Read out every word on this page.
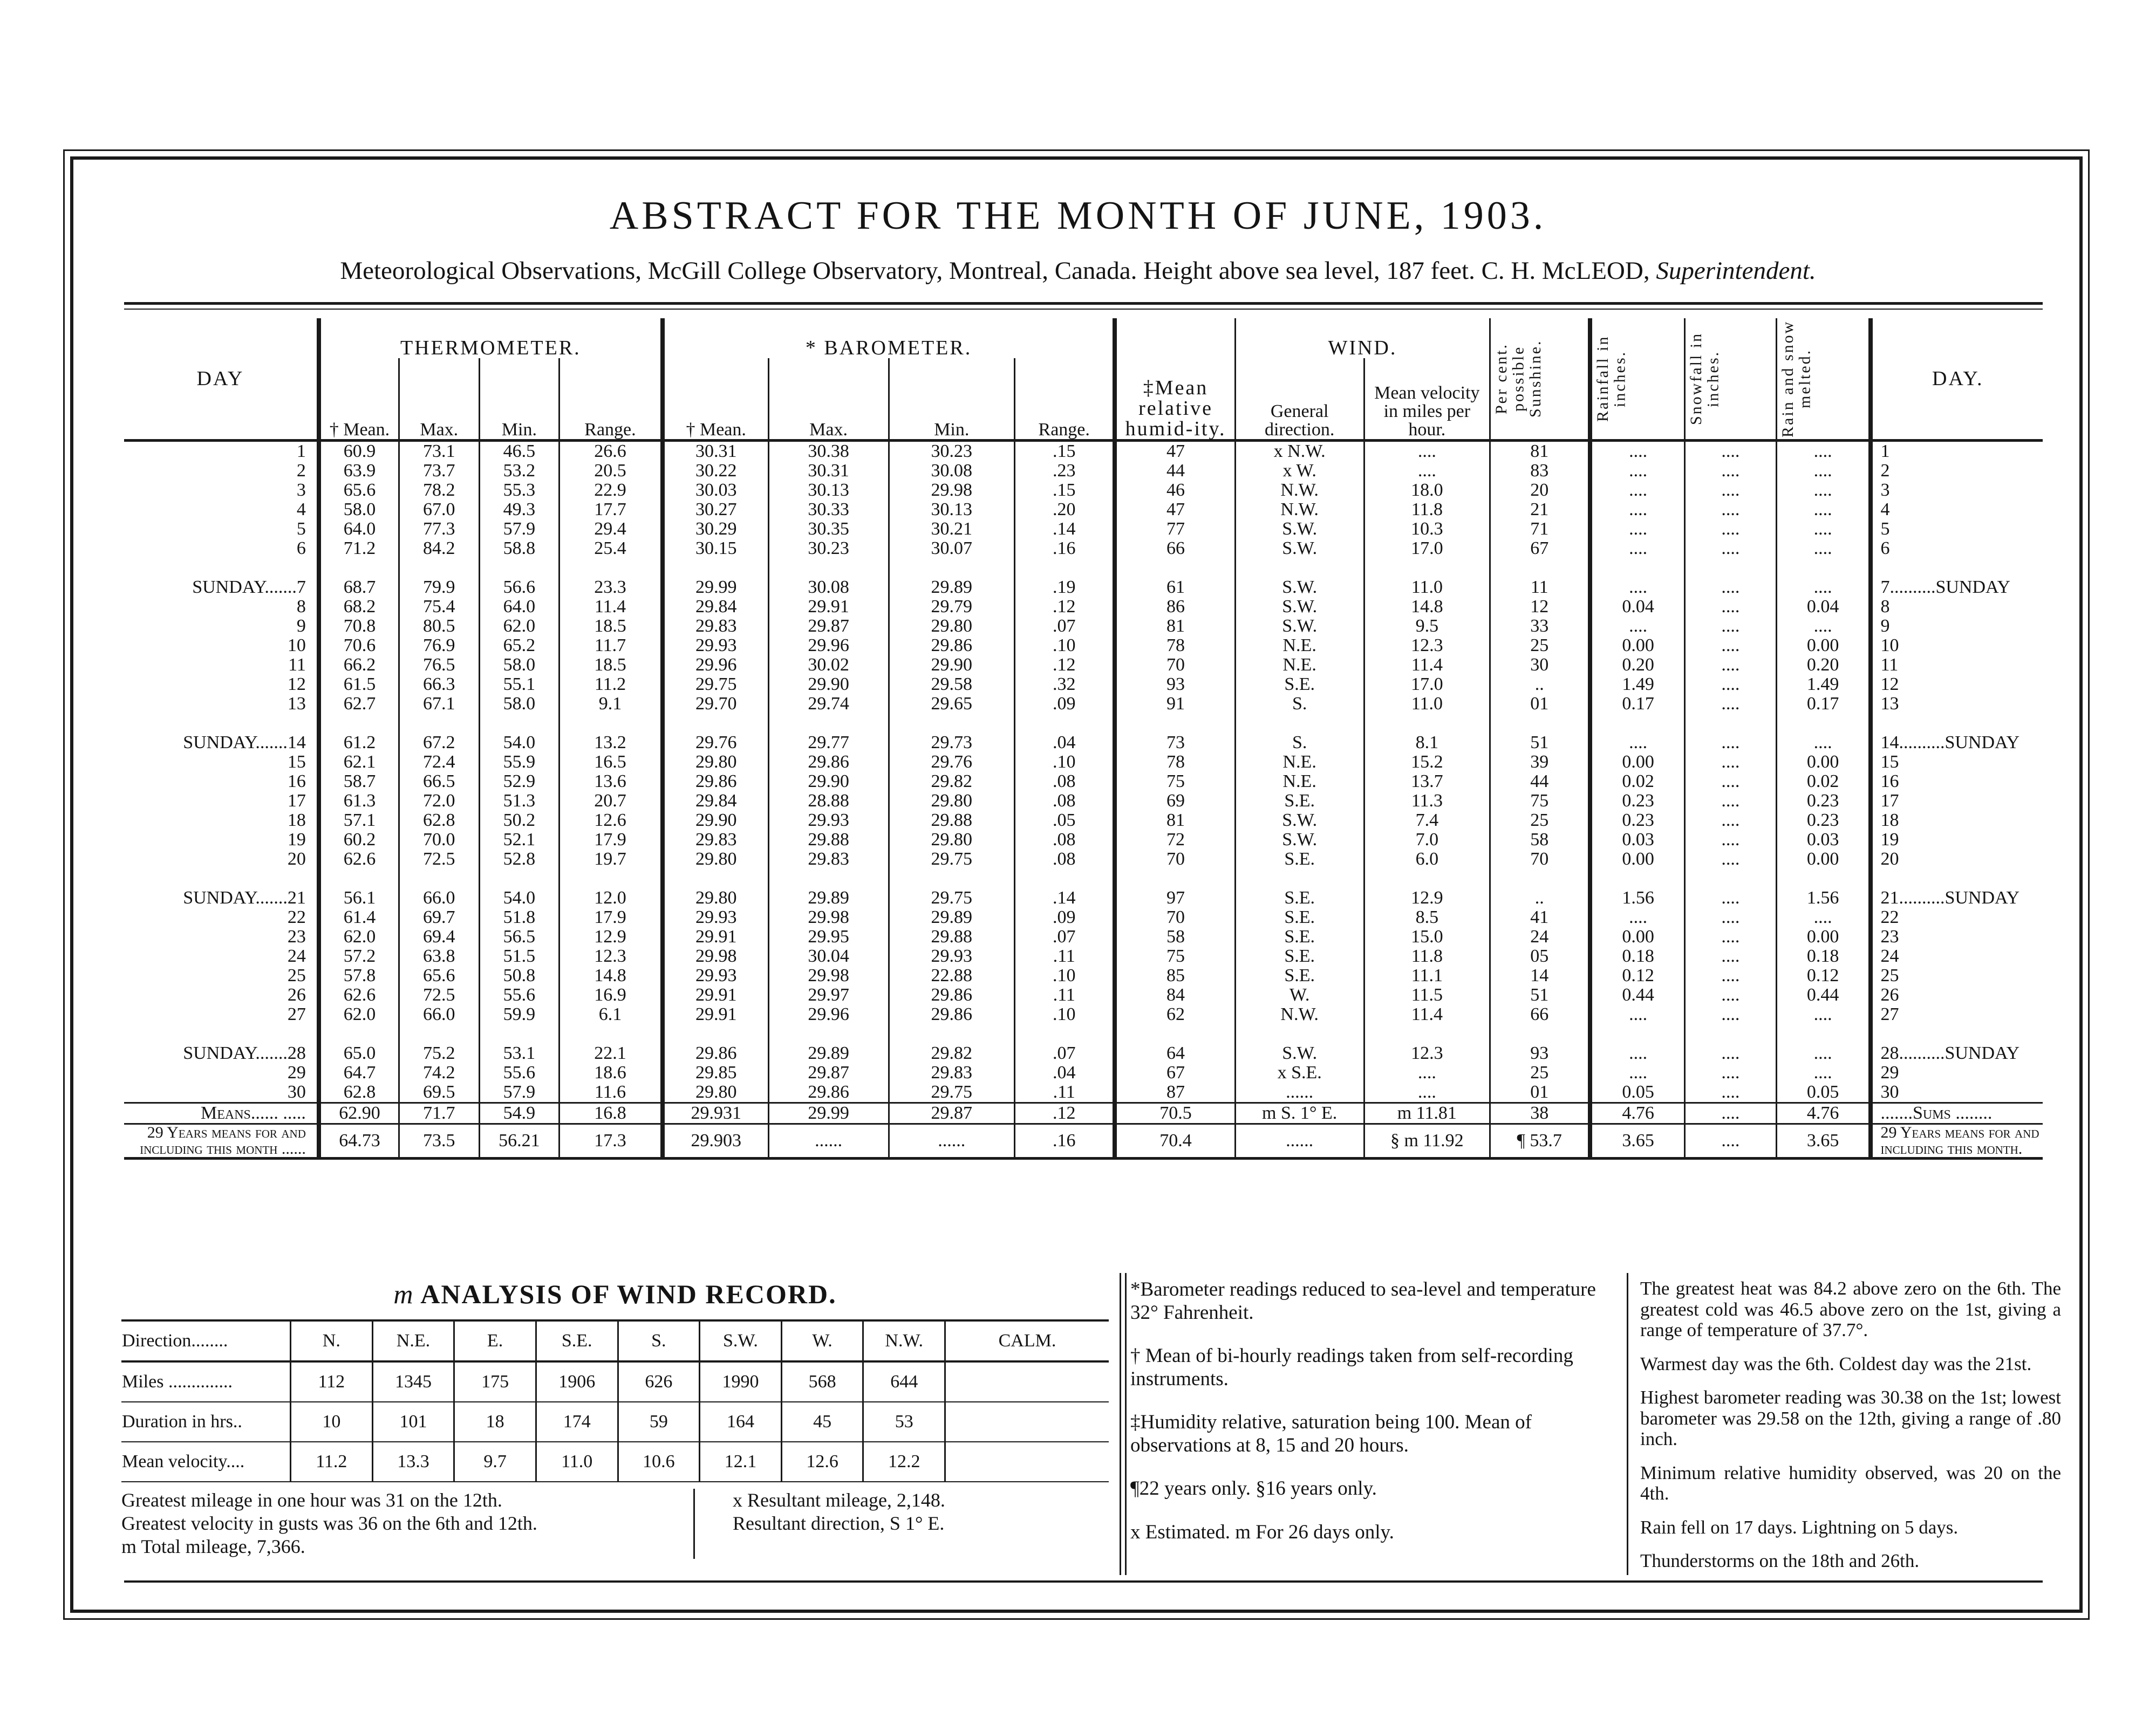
ABSTRACT FOR THE MONTH OF JUNE, 1903.
Meteorological Observations, McGill College Observatory, Montreal, Canada. Height above sea level, 187 feet. C. H. McLEOD, Superintendent.
DAY	THERMOMETER.				* BAROMETER.				‡Mean relative humid-ity.	WIND.		Per cent. possible Sunshine.	Rainfall in inches.	Snowfall in inches.	Rain and snow melted.	DAY.
	† Mean.	Max.	Min.	Range.	† Mean.	Max.	Min.	Range.		General direction.	Mean velocity in miles per hour.					
1	60.9	73.1	46.5	26.6	30.31	30.38	30.23	.15	47	x N.W.	....	81	....	....	....	1
2	63.9	73.7	53.2	20.5	30.22	30.31	30.08	.23	44	x W.	....	83	....	....	....	2
3	65.6	78.2	55.3	22.9	30.03	30.13	29.98	.15	46	N.W.	18.0	20	....	....	....	3
4	58.0	67.0	49.3	17.7	30.27	30.33	30.13	.20	47	N.W.	11.8	21	....	....	....	4
5	64.0	77.3	57.9	29.4	30.29	30.35	30.21	.14	77	S.W.	10.3	71	....	....	....	5
6	71.2	84.2	58.8	25.4	30.15	30.23	30.07	.16	66	S.W.	17.0	67	....	....	....	6

SUNDAY.......7	68.7	79.9	56.6	23.3	29.99	30.08	29.89	.19	61	S.W.	11.0	11	....	....	....	7..........SUNDAY
8	68.2	75.4	64.0	11.4	29.84	29.91	29.79	.12	86	S.W.	14.8	12	0.04	....	0.04	8
9	70.8	80.5	62.0	18.5	29.83	29.87	29.80	.07	81	S.W.	9.5	33	....	....	....	9
10	70.6	76.9	65.2	11.7	29.93	29.96	29.86	.10	78	N.E.	12.3	25	0.00	....	0.00	10
11	66.2	76.5	58.0	18.5	29.96	30.02	29.90	.12	70	N.E.	11.4	30	0.20	....	0.20	11
12	61.5	66.3	55.1	11.2	29.75	29.90	29.58	.32	93	S.E.	17.0	..	1.49	....	1.49	12
13	62.7	67.1	58.0	9.1	29.70	29.74	29.65	.09	91	S.	11.0	01	0.17	....	0.17	13

SUNDAY.......14	61.2	67.2	54.0	13.2	29.76	29.77	29.73	.04	73	S.	8.1	51	....	....	....	14..........SUNDAY
15	62.1	72.4	55.9	16.5	29.80	29.86	29.76	.10	78	N.E.	15.2	39	0.00	....	0.00	15
16	58.7	66.5	52.9	13.6	29.86	29.90	29.82	.08	75	N.E.	13.7	44	0.02	....	0.02	16
17	61.3	72.0	51.3	20.7	29.84	28.88	29.80	.08	69	S.E.	11.3	75	0.23	....	0.23	17
18	57.1	62.8	50.2	12.6	29.90	29.93	29.88	.05	81	S.W.	7.4	25	0.23	....	0.23	18
19	60.2	70.0	52.1	17.9	29.83	29.88	29.80	.08	72	S.W.	7.0	58	0.03	....	0.03	19
20	62.6	72.5	52.8	19.7	29.80	29.83	29.75	.08	70	S.E.	6.0	70	0.00	....	0.00	20

SUNDAY.......21	56.1	66.0	54.0	12.0	29.80	29.89	29.75	.14	97	S.E.	12.9	..	1.56	....	1.56	21..........SUNDAY
22	61.4	69.7	51.8	17.9	29.93	29.98	29.89	.09	70	S.E.	8.5	41	....	....	....	22
23	62.0	69.4	56.5	12.9	29.91	29.95	29.88	.07	58	S.E.	15.0	24	0.00	....	0.00	23
24	57.2	63.8	51.5	12.3	29.98	30.04	29.93	.11	75	S.E.	11.8	05	0.18	....	0.18	24
25	57.8	65.6	50.8	14.8	29.93	29.98	22.88	.10	85	S.E.	11.1	14	0.12	....	0.12	25
26	62.6	72.5	55.6	16.9	29.91	29.97	29.86	.11	84	W.	11.5	51	0.44	....	0.44	26
27	62.0	66.0	59.9	6.1	29.91	29.96	29.86	.10	62	N.W.	11.4	66	....	....	....	27

SUNDAY.......28	65.0	75.2	53.1	22.1	29.86	29.89	29.82	.07	64	S.W.	12.3	93	....	....	....	28..........SUNDAY
29	64.7	74.2	55.6	18.6	29.85	29.87	29.83	.04	67	x S.E.	....	25	....	....	....	29
30	62.8	69.5	57.9	11.6	29.80	29.86	29.75	.11	87	......	....	01	0.05	....	0.05	30
Means...... .....	62.90	71.7	54.9	16.8	29.931	29.99	29.87	.12	70.5	m S. 1° E.	m 11.81	38	4.76	....	4.76	.......Sums ........
29 Years means for and including this month ......	64.73	73.5	56.21	17.3	29.903	......	......	.16	70.4	......	§ m 11.92	¶ 53.7	3.65	....	3.65	29 Years means for and including this month.
m ANALYSIS OF WIND RECORD.
Direction........	N.	N.E.	E.	S.E.	S.	S.W.	W.	N.W.	CALM.
Miles ..............	112	1345	175	1906	626	1990	568	644	
Duration in hrs..	10	101	18	174	59	164	45	53	
Mean velocity....	11.2	13.3	9.7	11.0	10.6	12.1	12.6	12.2	
Greatest mileage in one hour was 31 on the 12th.
Greatest velocity in gusts was 36 on the 6th and 12th.
m Total mileage, 7,366.
x Resultant mileage, 2,148.
Resultant direction, S 1° E.

*Barometer readings reduced to sea-level and temperature 32° Fahrenheit.

† Mean of bi-hourly readings taken from self-recording instruments.

‡Humidity relative, saturation being 100. Mean of observations at 8, 15 and 20 hours.

¶22 years only. §16 years only.

x Estimated. m For 26 days only.

The greatest heat was 84.2 above zero on the 6th. The greatest cold was 46.5 above zero on the 1st, giving a range of temperature of 37.7°.

Warmest day was the 6th. Coldest day was the 21st.

Highest barometer reading was 30.38 on the 1st; lowest barometer was 29.58 on the 12th, giving a range of .80 inch.

Minimum relative humidity observed, was 20 on the 4th.

Rain fell on 17 days. Lightning on 5 days.

Thunderstorms on the 18th and 26th.
